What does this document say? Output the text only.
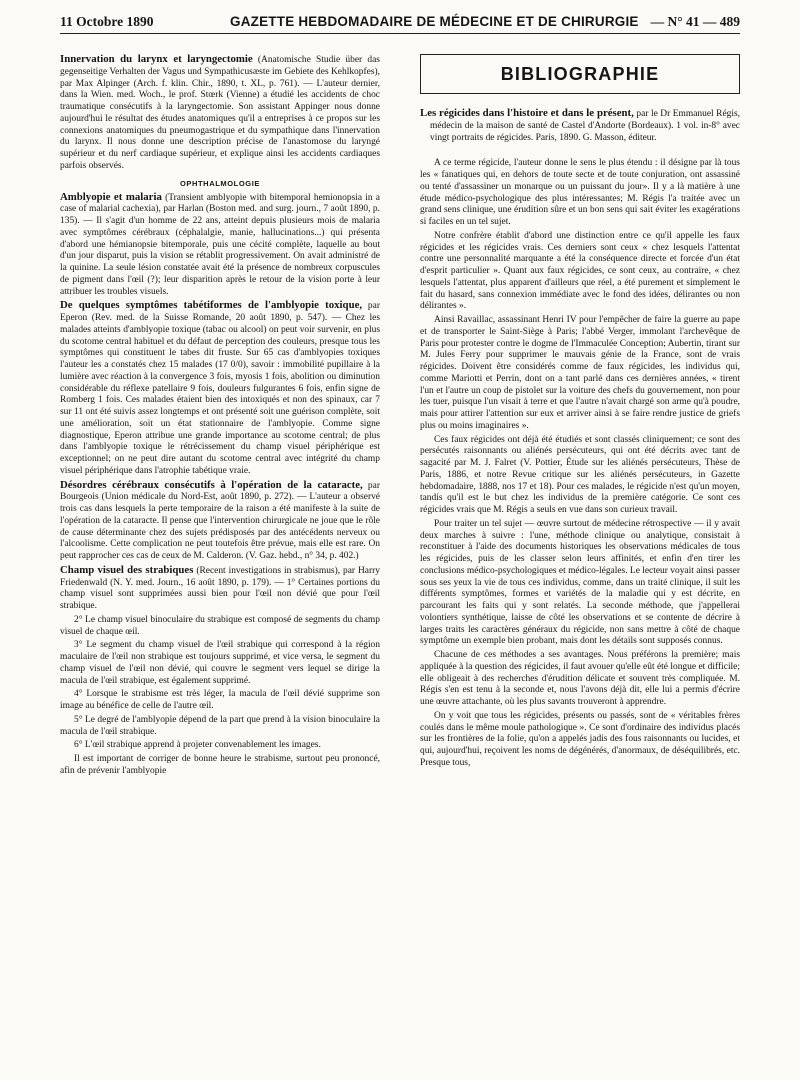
11 Octobre 1890	GAZETTE HEBDOMADAIRE DE MÉDECINE ET DE CHIRURGIE — N° 41 — 489

Innervation du larynx et laryngectomie (Anatomische Studie über das gegenseitige Verhalten der Vagus und Sympathicusæste im Gebiete des Kehlkopfes), par Max Alpinger (Arch. f. klin. Chir., 1890, t. XL, p. 761). — L'auteur dernier, dans la Wien. med. Woch., le prof. Stœrk (Vienne) a étudié les accidents de choc traumatique consécutifs à la laryngectomie. Son assistant Appinger nous donne aujourd'hui le résultat des études anatomiques qu'il a entreprises à ce propos sur les connexions anatomiques du pneumogastrique et du sympathique dans l'innervation du larynx. Il nous donne une description précise de l'anastomose du laryngé supérieur et du nerf cardiaque supérieur, et explique ainsi les accidents cardiaques parfois observés.

OPHTHALMOLOGIE

Amblyopie et malaria (Transient amblyopie with bitemporal hemionopsia in a case of malarial cachexia), par Harlan (Boston med. and surg. journ., 7 août 1890, p. 135). — Il s'agit d'un homme de 22 ans, atteint depuis plusieurs mois de malaria avec symptômes cérébraux (céphalalgie, manie, hallucinations...) qui présenta d'abord une hémianopsie bitemporale, puis une cécité complète, laquelle au bout d'un jour disparut, puis la vision se rétablit progressivement. On avait administré de la quinine. La seule lésion constatée avait été la présence de nombreux corpuscules de pigment dans l'œil (?); leur disparition après le retour de la vision porte à leur attribuer les troubles visuels.

De quelques symptômes tabétiformes de l'amblyopie toxique, par Eperon (Rev. med. de la Suisse Romande, 20 août 1890, p. 547). — Chez les malades atteints d'amblyopie toxique (tabac ou alcool) on peut voir survenir, en plus du scotome central habituel et du défaut de perception des couleurs, presque tous les symptômes qui constituent le tabes dit fruste. Sur 65 cas d'amblyopies toxiques l'auteur les a constatés chez 15 malades (17 0/0), savoir : immobilité pupillaire à la lumière avec réaction à la convergence 3 fois, myosis 1 fois, abolition ou diminution considérable du réflexe patellaire 9 fois, douleurs fulgurantes 6 fois, enfin signe de Romberg 1 fois. Ces malades étaient bien des intoxiqués et non des spinaux, car 7 sur 11 ont été suivis assez longtemps et ont présenté soit une guérison complète, soit une amélioration, soit un état stationnaire de l'amblyopie. Comme signe diagnostique, Eperon attribue une grande importance au scotome central; de plus dans l'amblyopie toxique le rétrécissement du champ visuel périphérique est exceptionnel; on ne peut dire autant du scotome central avec intégrité du champ visuel périphérique dans l'atrophie tabétique vraie.

Désordres cérébraux consécutifs à l'opération de la cataracte, par Bourgeois (Union médicale du Nord-Est, août 1890, p. 272). — L'auteur a observé trois cas dans lesquels la perte temporaire de la raison a été manifeste à la suite de l'opération de la cataracte. Il pense que l'intervention chirurgicale ne joue que le rôle de cause déterminante chez des sujets prédisposés par des antécédents nerveux ou l'alcoolisme. Cette complication ne peut toutefois être prévue, mais elle est rare. On peut rapprocher ces cas de ceux de M. Calderon. (V. Gaz. hebd., n° 34, p. 402.)

Champ visuel des strabiques (Recent investigations in strabismus), par Harry Friedenwald (N. Y. med. Journ., 16 août 1890, p. 179). — 1° Certaines portions du champ visuel sont supprimées aussi bien pour l'œil non dévié que pour l'œil strabique.

2° Le champ visuel binoculaire du strabique est composé de segments du champ visuel de chaque œil.

3° Le segment du champ visuel de l'œil strabique qui correspond à la région maculaire de l'œil non strabique est toujours supprimé, et vice versa, le segment du champ visuel de l'œil non dévié, qui couvre le segment vers lequel se dirige la macula de l'œil strabique, est également supprimé.

4° Lorsque le strabisme est très léger, la macula de l'œil dévié supprime son image au bénéfice de celle de l'autre œil.

5° Le degré de l'amblyopie dépend de la part que prend à la vision binoculaire la macula de l'œil strabique.

6° L'œil strabique apprend à projeter convenablement les images.

Il est important de corriger de bonne heure le strabisme, surtout peu prononcé, afin de prévenir l'amblyopie

BIBLIOGRAPHIE

Les régicides dans l'histoire et dans le présent, par le Dr Emmanuel Régis, médecin de la maison de santé de Castel d'Andorte (Bordeaux). 1 vol. in-8° avec vingt portraits de régicides. Paris, 1890. G. Masson, éditeur.

A ce terme régicide, l'auteur donne le sens le plus étendu : il désigne par là tous les « fanatiques qui, en dehors de toute secte et de toute conjuration, ont assassiné ou tenté d'assassiner un monarque ou un puissant du jour». Il y a là matière à une étude médico-psychologique des plus intéressantes; M. Régis l'a traitée avec un grand sens clinique, une érudition sûre et un bon sens qui sait éviter les exagérations si faciles en un tel sujet.

Notre confrère établit d'abord une distinction entre ce qu'il appelle les faux régicides et les régicides vrais. Ces derniers sont ceux « chez lesquels l'attentat contre une personnalité marquante a été la conséquence directe et forcée d'un état d'esprit particulier ». Quant aux faux régicides, ce sont ceux, au contraire, « chez lesquels l'attentat, plus apparent d'ailleurs que réel, a été purement et simplement le fait du hasard, sans connexion immédiate avec le fond des idées, délirantes ou non délirantes ».

Ainsi Ravaillac, assassinant Henri IV pour l'empêcher de faire la guerre au pape et de transporter le Saint-Siège à Paris; l'abbé Verger, immolant l'archevêque de Paris pour protester contre le dogme de l'Immaculée Conception; Aubertin, tirant sur M. Jules Ferry pour supprimer le mauvais génie de la France, sont de vrais régicides. Doivent être considérés comme de faux régicides, les individus qui, comme Mariotti et Perrin, dont on a tant parlé dans ces dernières années, « tirent l'un et l'autre un coup de pistolet sur la voiture des chefs du gouvernement, non pour les tuer, puisque l'un visait à terre et que l'autre n'avait chargé son arme qu'à poudre, mais pour attirer l'attention sur eux et arriver ainsi à se faire rendre justice de griefs plus ou moins imaginaires ».

Ces faux régicides ont déjà été étudiés et sont classés cliniquement; ce sont des persécutés raisonnants ou aliénés persécuteurs, qui ont été décrits avec tant de sagacité par M. J. Falret (V. Pottier, Étude sur les aliénés persécuteurs, Thèse de Paris, 1886, et notre Revue critique sur les aliénés persécuteurs, in Gazette hebdomadaire, 1888, nos 17 et 18). Pour ces malades, le régicide n'est qu'un moyen, tandis qu'il est le but chez les individus de la première catégorie. Ce sont ces régicides vrais que M. Régis a seuls en vue dans son curieux travail.

Pour traiter un tel sujet — œuvre surtout de médecine rétrospective — il y avait deux marches à suivre : l'une, méthode clinique ou analytique, consistait à reconstituer à l'aide des documents historiques les observations médicales de tous les régicides, puis de les classer selon leurs affinités, et enfin d'en tirer les conclusions médico-psychologiques et médico-légales. Le lecteur voyait ainsi passer sous ses yeux la vie de tous ces individus, comme, dans un traité clinique, il suit les différents symptômes, formes et variétés de la maladie qui y est décrite, en parcourant les faits qui y sont relatés. La seconde méthode, que j'appellerai volontiers synthétique, laisse de côté les observations et se contente de décrire à larges traits les caractères généraux du régicide, non sans mettre à côté de chaque symptôme un exemple bien probant, mais dont les détails sont supposés connus.

Chacune de ces méthodes a ses avantages. Nous préférons la première; mais appliquée à la question des régicides, il faut avouer qu'elle eût été longue et difficile; elle obligeait à des recherches d'érudition délicate et souvent très compliquée. M. Régis s'en est tenu à la seconde et, nous l'avons déjà dit, elle lui a permis d'écrire une œuvre attachante, où les plus savants trouveront à apprendre.

On y voit que tous les régicides, présents ou passés, sont de « véritables frères coulés dans le même moule pathologique ». Ce sont d'ordinaire des individus placés sur les frontières de la folie, qu'on a appelés jadis des fous raisonnants ou lucides, et qui, aujourd'hui, reçoivent les noms de dégénérés, d'anormaux, de déséquilibrés, etc. Presque tous,
